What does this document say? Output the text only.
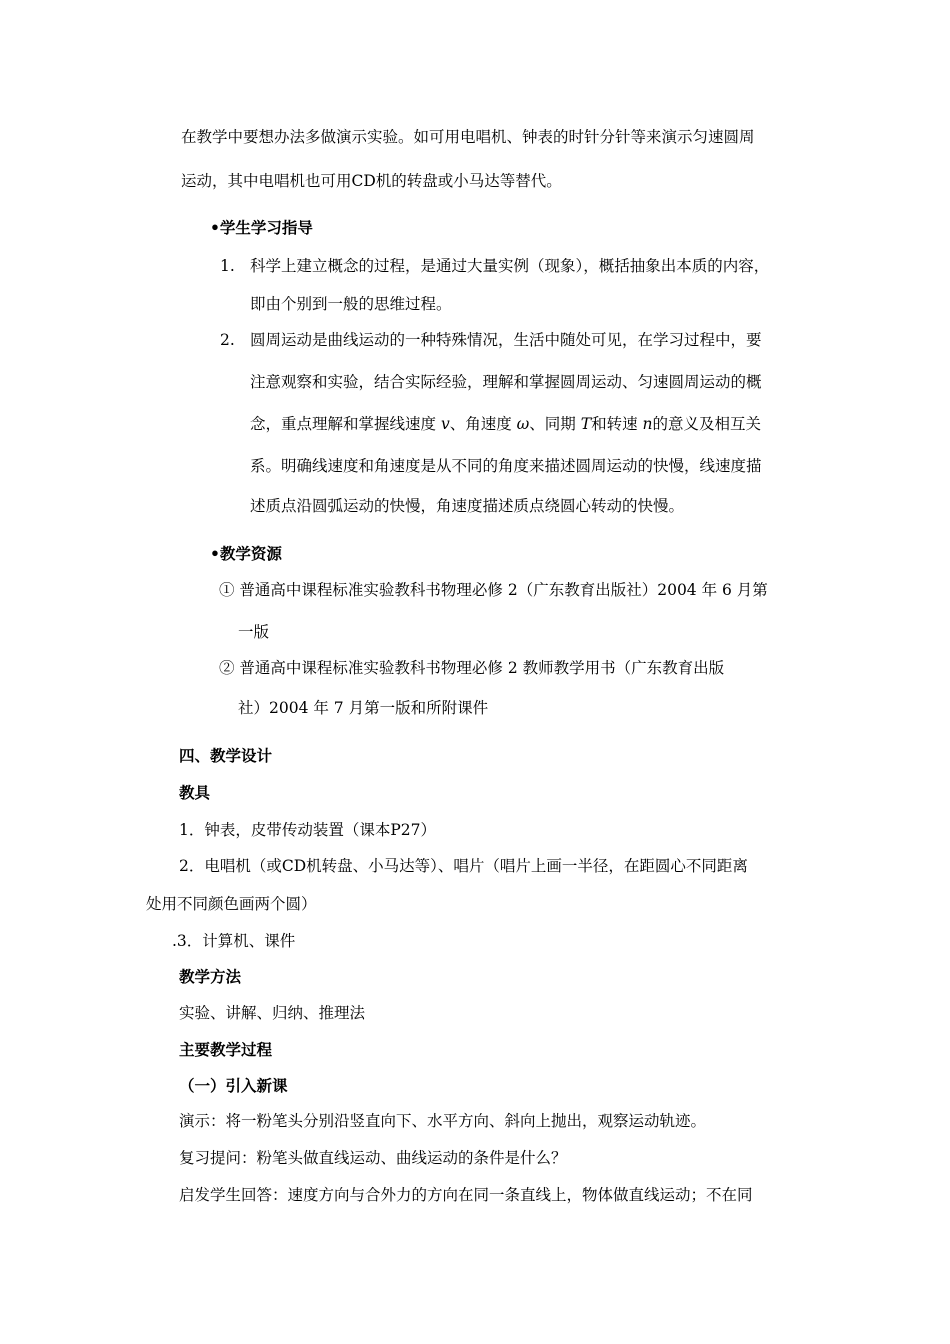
在教学中要想办法多做演示实验。如可用电唱机、钟表的时针分针等来演示匀速圆周
运动，其中电唱机也可用CD机的转盘或小马达等替代。
•学生学习指导
1. 科学上建立概念的过程，是通过大量实例（现象），概括抽象出本质的内容，
即由个别到一般的思维过程。
2. 圆周运动是曲线运动的一种特殊情况，生活中随处可见，在学习过程中，要
注意观察和实验，结合实际经验，理解和掌握圆周运动、匀速圆周运动的概
念，重点理解和掌握线速度 v、角速度 ω、同期 T和转速 n的意义及相互关
系。明确线速度和角速度是从不同的角度来描述圆周运动的快慢，线速度描
述质点沿圆弧运动的快慢，角速度描述质点绕圆心转动的快慢。
•教学资源
① 普通高中课程标准实验教科书物理必修 2（广东教育出版社）2004 年 6 月第
一版
② 普通高中课程标准实验教科书物理必修 2 教师教学用书（广东教育出版
社）2004 年 7 月第一版和所附课件
四、教学设计
教具
1．钟表，皮带传动装置（课本P27）
2．电唱机（或CD机转盘、小马达等）、唱片（唱片上画一半径，在距圆心不同距离
处用不同颜色画两个圆）
.3．计算机、课件
教学方法
实验、讲解、归纳、推理法
主要教学过程
（一）引入新课
演示：将一粉笔头分别沿竖直向下、水平方向、斜向上抛出，观察运动轨迹。
复习提问：粉笔头做直线运动、曲线运动的条件是什么？
启发学生回答：速度方向与合外力的方向在同一条直线上，物体做直线运动；不在同
